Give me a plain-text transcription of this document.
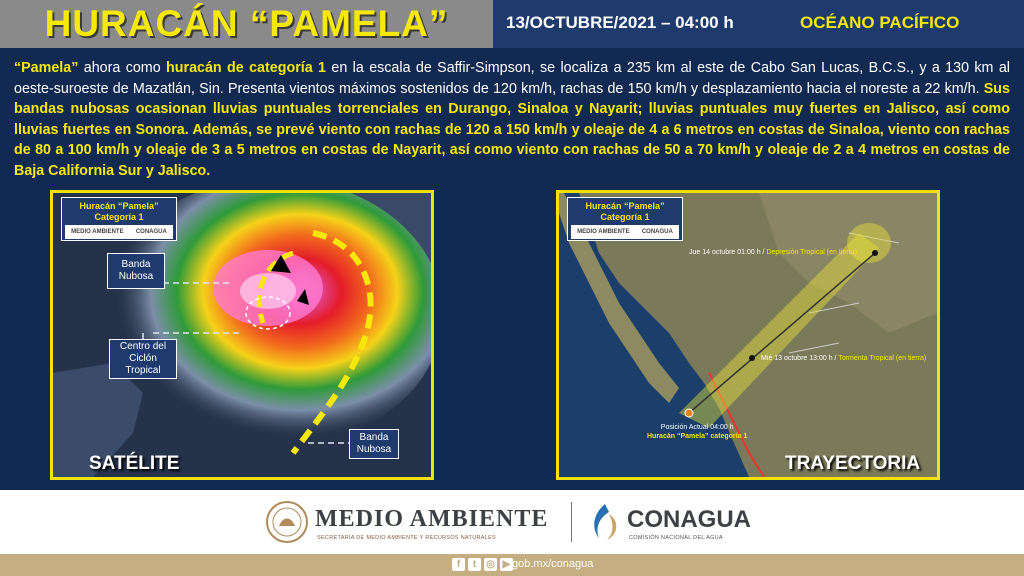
HURACÁN “PAMELA”	13/OCTUBRE/2021 – 04:00 h	OCÉANO PACÍFICO
“Pamela” ahora como huracán de categoría 1 en la escala de Saffir-Simpson, se localiza a 235 km al este de Cabo San Lucas, B.C.S., y a 130 km al oeste-suroeste de Mazatlán, Sin. Presenta vientos máximos sostenidos de 120 km/h, rachas de 150 km/h y desplazamiento hacia el noreste a 22 km/h. Sus bandas nubosas ocasionan lluvias puntuales torrenciales en Durango, Sinaloa y Nayarit; lluvias puntuales muy fuertes en Jalisco, así como lluvias fuertes en Sonora. Además, se prevé viento con rachas de 120 a 150 km/h y oleaje de 4 a 6 metros en costas de Sinaloa, viento con rachas de 80 a 100 km/h y oleaje de 3 a 5 metros en costas de Nayarit, así como viento con rachas de 50 a 70 km/h y oleaje de 2 a 4 metros en costas de Baja California Sur y Jalisco.
Huracán “Pamela”
Categoría 1
MEDIO AMBIENTE CONAGUA
Banda
Nubosa
Centro del
Ciclón
Tropical
Banda
Nubosa
SATÉLITE
Huracán “Pamela”
Categoría 1
MEDIO AMBIENTE CONAGUA
Jue 14 octubre 01:00 h / Depresión Tropical (en tierra)
Mié 13 octubre 13:00 h / Tormenta Tropical (en tierra)
Posición Actual 04:00 h
Huracán “Pamela” categoría 1
TRAYECTORIA
MEDIO AMBIENTE
SECRETARÍA DE MEDIO AMBIENTE Y RECURSOS NATURALES
CONAGUA
COMISIÓN NACIONAL DEL AGUA
f	t ◎ ▶ gob.mx/conagua
